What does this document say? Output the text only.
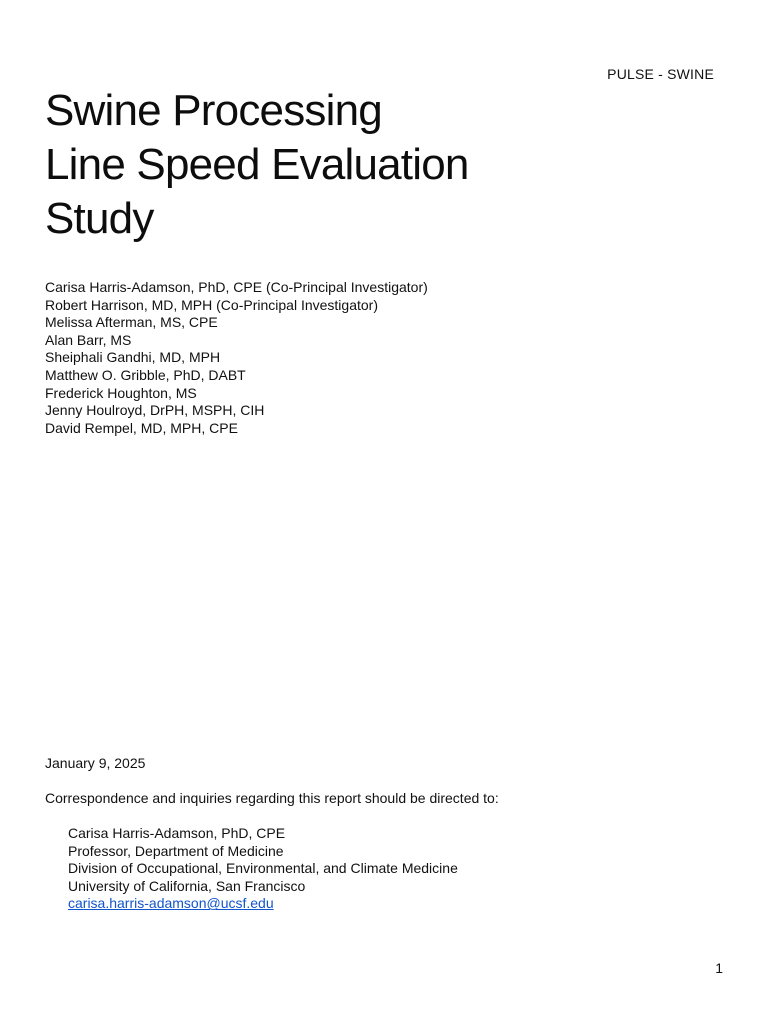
PULSE - SWINE
Swine Processing
Line Speed Evaluation
Study
Carisa Harris-Adamson, PhD, CPE (Co-Principal Investigator)
Robert Harrison, MD, MPH (Co-Principal Investigator)
Melissa Afterman, MS, CPE
Alan Barr, MS
Sheiphali Gandhi, MD, MPH
Matthew O. Gribble, PhD, DABT
Frederick Houghton, MS
Jenny Houlroyd, DrPH, MSPH, CIH
David Rempel, MD, MPH, CPE
January 9, 2025
Correspondence and inquiries regarding this report should be directed to:
Carisa Harris-Adamson, PhD, CPE
Professor, Department of Medicine
Division of Occupational, Environmental, and Climate Medicine
University of California, San Francisco
carisa.harris-adamson@ucsf.edu
1
